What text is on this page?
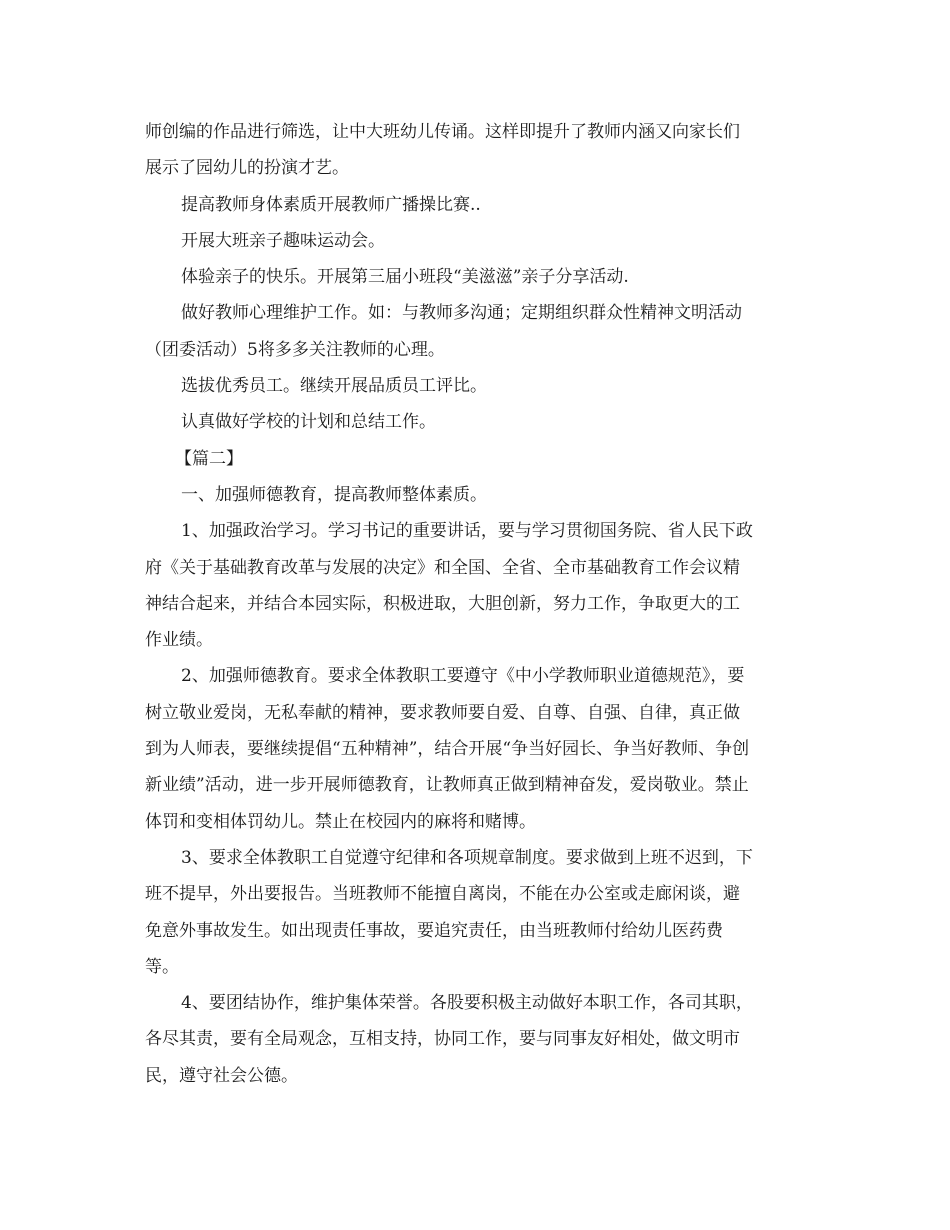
师创编的作品进行筛选，让中大班幼儿传诵。这样即提升了教师内涵又向家长们
展示了园幼儿的扮演才艺。
提高教师身体素质开展教师广播操比赛..
开展大班亲子趣味运动会。
体验亲子的快乐。开展第三届小班段“美滋滋”亲子分享活动.
做好教师心理维护工作。如：与教师多沟通；定期组织群众性精神文明活动
（团委活动）5将多多关注教师的心理。
选拔优秀员工。继续开展品质员工评比。
认真做好学校的计划和总结工作。
【篇二】
一、加强师德教育，提高教师整体素质。
1、加强政治学习。学习书记的重要讲话，要与学习贯彻国务院、省人民下政
府《关于基础教育改革与发展的决定》和全国、全省、全市基础教育工作会议精
神结合起来，并结合本园实际，积极进取，大胆创新，努力工作，争取更大的工
作业绩。
2、加强师德教育。要求全体教职工要遵守《中小学教师职业道德规范》，要
树立敬业爱岗，无私奉献的精神，要求教师要自爱、自尊、自强、自律，真正做
到为人师表，要继续提倡“五种精神”，结合开展“争当好园长、争当好教师、争创
新业绩”活动，进一步开展师德教育，让教师真正做到精神奋发，爱岗敬业。禁止
体罚和变相体罚幼儿。禁止在校园内的麻将和赌博。
3、要求全体教职工自觉遵守纪律和各项规章制度。要求做到上班不迟到，下
班不提早，外出要报告。当班教师不能擅自离岗，不能在办公室或走廊闲谈，避
免意外事故发生。如出现责任事故，要追究责任，由当班教师付给幼儿医药费
等。
4、要团结协作，维护集体荣誉。各股要积极主动做好本职工作，各司其职，
各尽其责，要有全局观念，互相支持，协同工作，要与同事友好相处，做文明市
民，遵守社会公德。
